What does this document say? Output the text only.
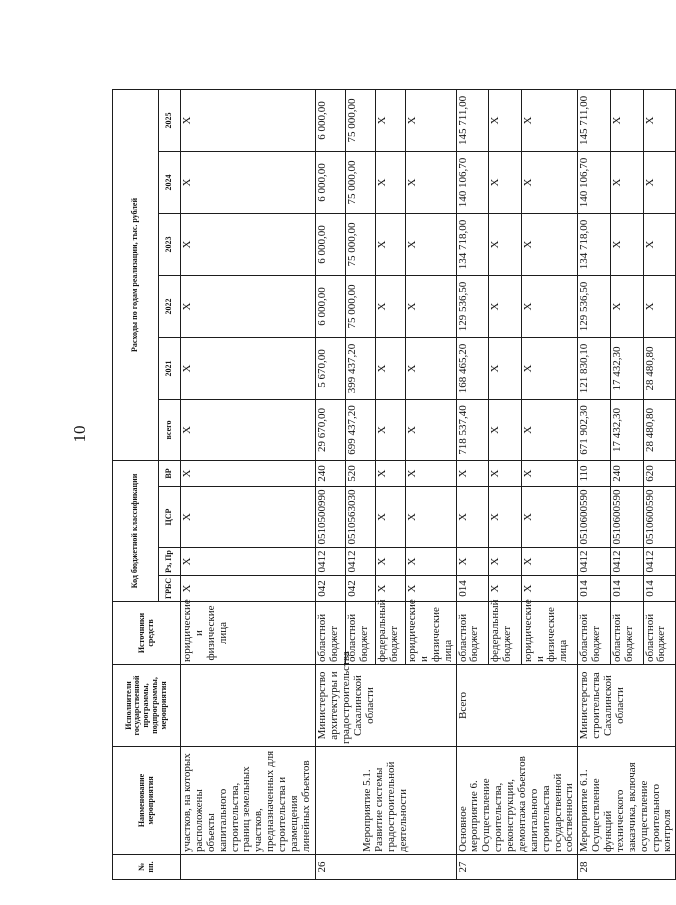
10
№ пп.	Наименование мероприятия	Исполнители государственной программы, подпрограммы, мероприятия	Источники средств	Код бюджетной классификации				Расходы по годам реализации, тыс. рублей					
				ГРБС	Рз, Пр	ЦСР	ВР	всего	2021	2022	2023	2024	2025
	участков, на которых расположены объекты капитального строительства, границ земельных участков, предназначенных для строительства и размещения линейных объектов		юридические и физические лица	X	X	X	X	X	X	X	X	X	X
26	Мероприятие 5.1. Развитие системы градостроительной деятельности	Министерство архитектуры и градостроительства Сахалинской области	областной бюджет	042	0412	0510500990	240	29 670,00	5 670,00	6 000,00	6 000,00	6 000,00	6 000,00
			областной бюджет	042	0412	0510563030	520	699 437,20	399 437,20	75 000,00	75 000,00	75 000,00	75 000,00
			федеральный бюджет	X	X	X	X	X	X	X	X	X	X
			юридические и физические лица	X	X	X	X	X	X	X	X	X	X
27	Основное мероприятие 6. Осуществление строительства, реконструкции, демонтажа объектов капитального строительства государственной собственности	Всего	областной бюджет	014	X	X	X	718 537,40	168 465,20	129 536,50	134 718,00	140 106,70	145 711,00
			федеральный бюджет	X	X	X	X	X	X	X	X	X	X
			юридические и физические лица	X	X	X	X	X	X	X	X	X	X
28	Мероприятие 6.1. Осуществление функций технического заказчика, включая осуществление строительного контроля	Министерство строительства Сахалинской области	областной бюджет	014	0412	0510600590	110	671 902,30	121 830,10	129 536,50	134 718,00	140 106,70	145 711,00
			областной бюджет	014	0412	0510600590	240	17 432,30	17 432,30	X	X	X	X
			областной бюджет	014	0412	0510600590	620	28 480,80	28 480,80	X	X	X	X
